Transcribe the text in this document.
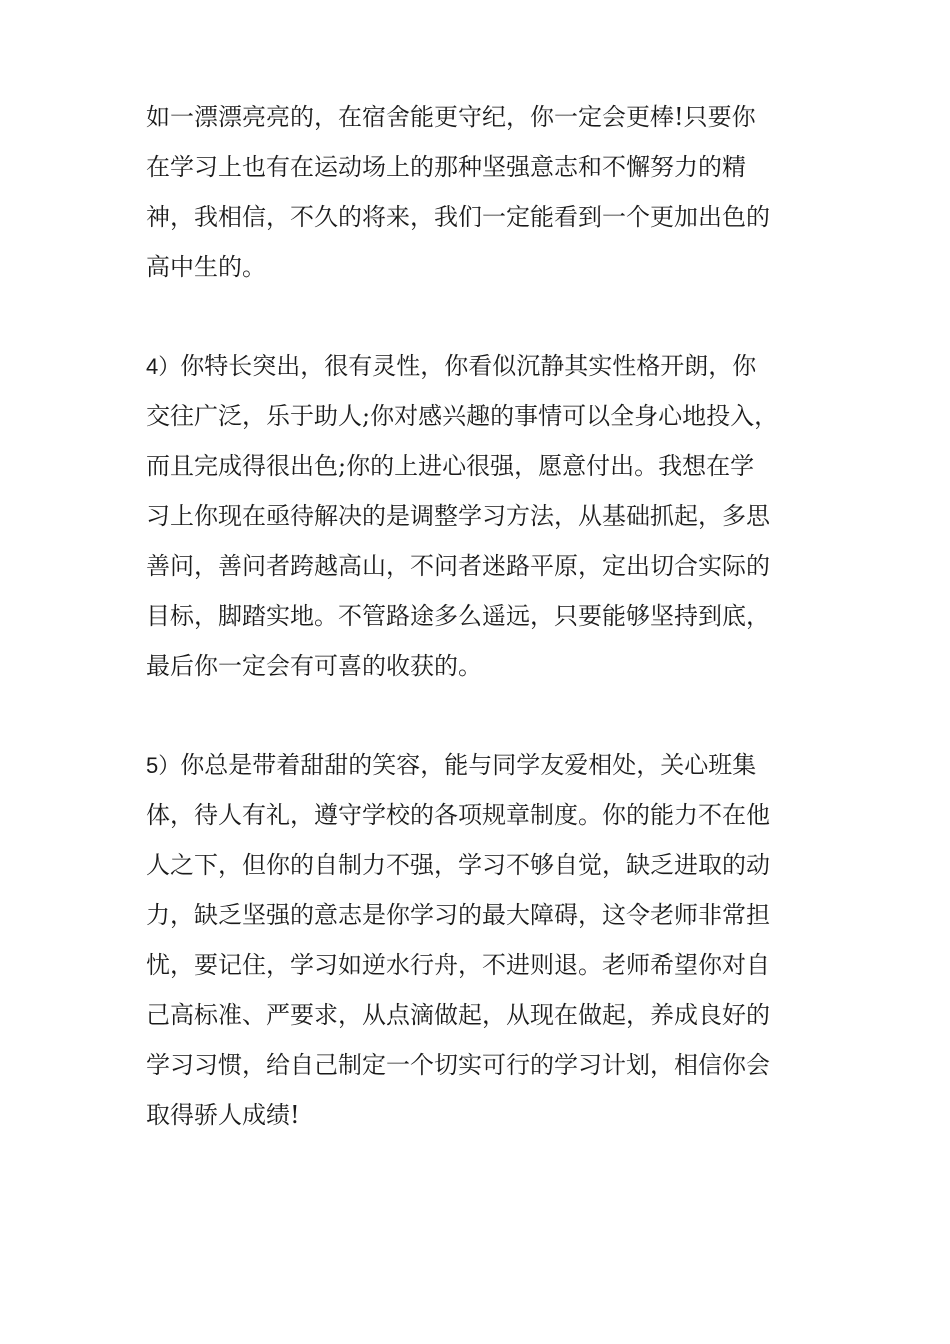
如一漂漂亮亮的，在宿舍能更守纪，你一定会更棒!只要你
在学习上也有在运动场上的那种坚强意志和不懈努力的精
神，我相信，不久的将来，我们一定能看到一个更加出色的
高中生的。
4）你特长突出，很有灵性，你看似沉静其实性格开朗，你
交往广泛，乐于助人;你对感兴趣的事情可以全身心地投入，
而且完成得很出色;你的上进心很强，愿意付出。我想在学
习上你现在亟待解决的是调整学习方法，从基础抓起，多思
善问，善问者跨越高山，不问者迷路平原，定出切合实际的
目标，脚踏实地。不管路途多么遥远，只要能够坚持到底，
最后你一定会有可喜的收获的。
5）你总是带着甜甜的笑容，能与同学友爱相处，关心班集
体，待人有礼，遵守学校的各项规章制度。你的能力不在他
人之下，但你的自制力不强，学习不够自觉，缺乏进取的动
力，缺乏坚强的意志是你学习的最大障碍，这令老师非常担
忧，要记住，学习如逆水行舟，不进则退。老师希望你对自
己高标准、严要求，从点滴做起，从现在做起，养成良好的
学习习惯，给自己制定一个切实可行的学习计划，相信你会
取得骄人成绩!
